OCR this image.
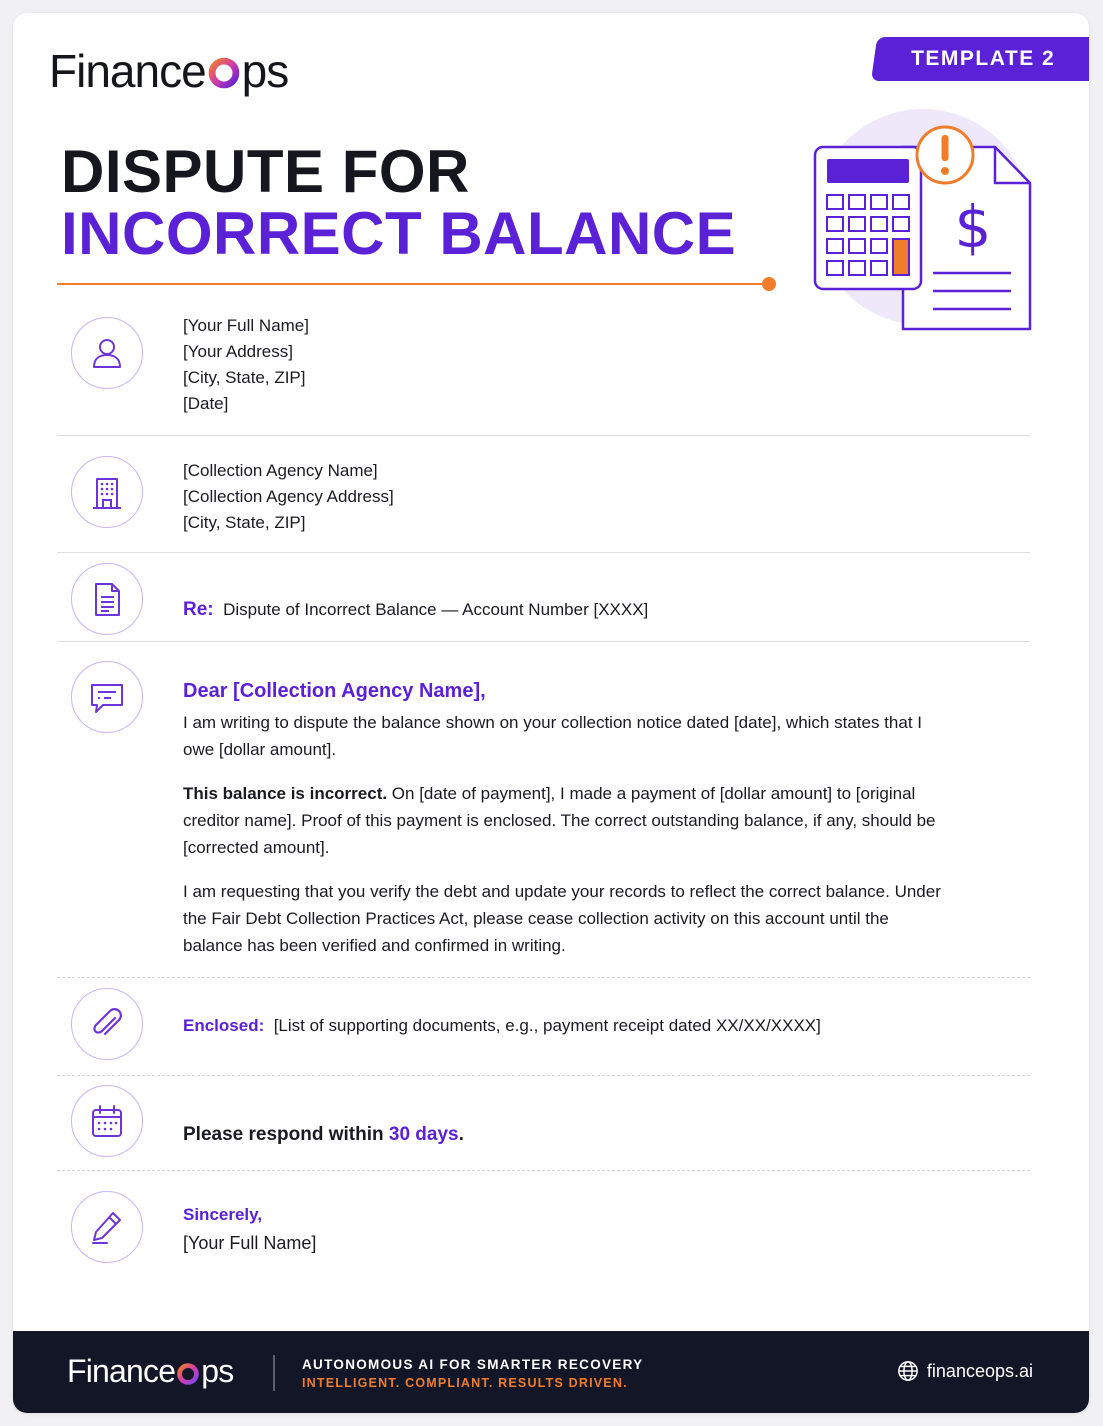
Finance ps	TEMPLATE 2
DISPUTE FOR
INCORRECT BALANCE	$
[Your Full Name]
[Your Address]
[City, State, ZIP]
[Date]
[Collection Agency Name]
[Collection Agency Address]
[City, State, ZIP]
Re: Dispute of Incorrect Balance — Account Number [XXXX]
Dear [Collection Agency Name],

I am writing to dispute the balance shown on your collection notice dated [date], which states that I owe [dollar amount].

This balance is incorrect. On [date of payment], I made a payment of [dollar amount] to [original creditor name]. Proof of this payment is enclosed. The correct outstanding balance, if any, should be [corrected amount].

I am requesting that you verify the debt and update your records to reflect the correct balance. Under the Fair Debt Collection Practices Act, please cease collection activity on this account until the balance has been verified and confirmed in writing.

Enclosed: [List of supporting documents, e.g., payment receipt dated XX/XX/XXXX]
Please respond within 30 days.
Sincerely,
[Your Full Name]
Finance ps	AUTONOMOUS AI FOR SMARTER RECOVERY
INTELLIGENT. COMPLIANT. RESULTS DRIVEN.
financeops.ai
